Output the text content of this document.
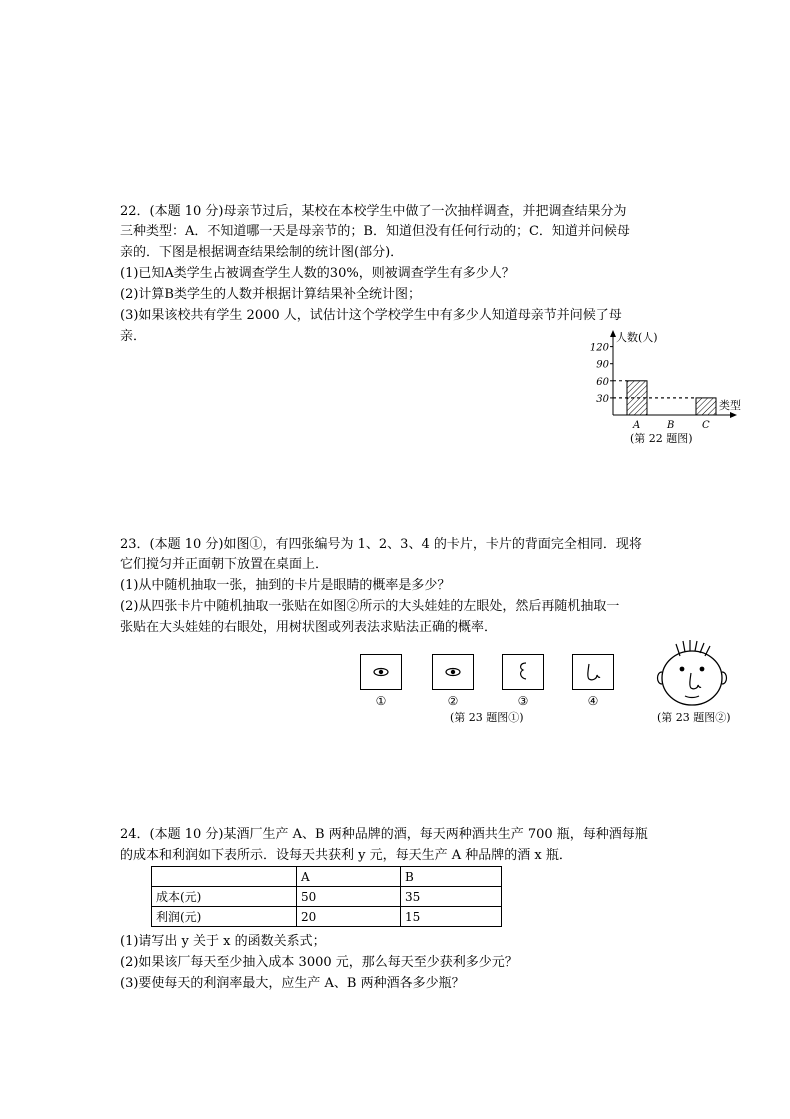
22．(本题 10 分)母亲节过后，某校在本校学生中做了一次抽样调查，并把调查结果分为
三种类型：A．不知道哪一天是母亲节的；B．知道但没有任何行动的；C．知道并问候母
亲的．下图是根据调查结果绘制的统计图(部分)．
(1)已知A类学生占被调查学生人数的30%，则被调查学生有多少人？
(2)计算B类学生的人数并根据计算结果补全统计图；
(3)如果该校共有学生 2000 人，试估计这个学校学生中有多少人知道母亲节并问候了母
亲．	人数(人)
类型
30
60
90
120
A	B	C
(第 22 题图)
23．(本题 10 分)如图①，有四张编号为 1、2、3、4 的卡片，卡片的背面完全相同．现将
它们搅匀并正面朝下放置在桌面上．
(1)从中随机抽取一张，抽到的卡片是眼睛的概率是多少？
(2)从四张卡片中随机抽取一张贴在如图②所示的大头娃娃的左眼处，然后再随机抽取一
张贴在大头娃娃的右眼处，用树状图或列表法求贴法正确的概率．
①	②	③	④
(第 23 题图①)	(第 23 题图②)
24．(本题 10 分)某酒厂生产 A、B 两种品牌的酒，每天两种酒共生产 700 瓶，每种酒每瓶
的成本和利润如下表所示．设每天共获利 y 元，每天生产 A 种品牌的酒 x 瓶．
	A	B
成本(元)	50	35
利润(元)	20	15
(1)请写出 y 关于 x 的函数关系式；
(2)如果该厂每天至少抽入成本 3000 元，那么每天至少获利多少元？
(3)要使每天的利润率最大，应生产 A、B 两种酒各多少瓶？
